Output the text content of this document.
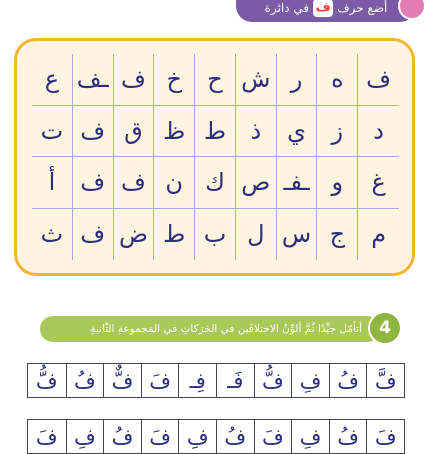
أضع حرف
ف
في دائرة
ف
ه
ر
ش
ح
خ
ف
ـف
ع
د
ز
ي
ذ
ط
ظ
ق
ف
ت
غ
و
ـفـ
ص
ك
ن
ف
ف
أ
م
ج
س
ل
ب
ط
ض
ف
ث
أتأمّل جيِّدًا ثُمَّ ألوِّنُ الاختلافَين في الحَرَكاتِ في المَجموعةِ الثّانيةِ	4
فَّ
فُ
فِ
فُّ
فَـ
فِـ
فَ
فٌّ
فُ
فُّ
فَ
فُ
فِ
فَ
فُ
فِ
فَ
فُ
فِ
فَ
